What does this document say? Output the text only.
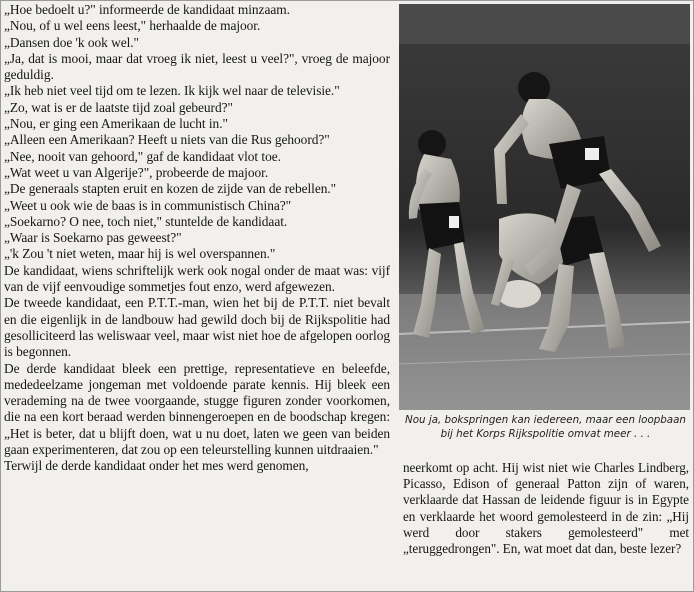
„Hoe bedoelt u?" informeerde de kandidaat minzaam.

„Nou, of u wel eens leest," herhaalde de majoor.

„Dansen doe 'k ook wel."

„Ja, dat is mooi, maar dat vroeg ik niet, leest u veel?", vroeg de majoor geduldig.

„Ik heb niet veel tijd om te lezen. Ik kijk wel naar de televisie."

„Zo, wat is er de laatste tijd zoal gebeurd?"

„Nou, er ging een Amerikaan de lucht in."

„Alleen een Amerikaan? Heeft u niets van die Rus gehoord?"

„Nee, nooit van gehoord," gaf de kandidaat vlot toe.

„Wat weet u van Algerije?", probeerde de majoor.

„De generaals stapten eruit en kozen de zijde van de rebellen."

„Weet u ook wie de baas is in communistisch China?"

„Soekarno? O nee, toch niet," stuntelde de kandidaat.

„Waar is Soekarno pas geweest?"

„'k Zou 't niet weten, maar hij is wel overspannen."

De kandidaat, wiens schriftelijk werk ook nogal onder de maat was: vijf van de vijf eenvoudige sommetjes fout enzo, werd afgewezen.

De tweede kandidaat, een P.T.T.-man, wien het bij de P.T.T. niet bevalt en die eigenlijk in de landbouw had gewild doch bij de Rijkspolitie had gesolliciteerd las weliswaar veel, maar wist niet hoe de afgelopen oorlog is begonnen.

De derde kandidaat bleek een prettige, representatieve en beleefde, mededeelzame jongeman met voldoende parate kennis. Hij bleek een verademing na de twee voorgaande, stugge figuren zonder voorkomen, die na een kort beraad werden binnengeroepen en de boodschap kregen: „Het is beter, dat u blijft doen, wat u nu doet, laten we geen van beiden gaan experimenteren, dat zou op een teleurstelling kunnen uitdraaien."

Terwijl de derde kandidaat onder het mes werd genomen,

Nou ja, bokspringen kan iedereen, maar een loopbaan bij het Korps Rijkspolitie omvat meer . . .

neerkomt op acht. Hij wist niet wie Charles Lindberg, Picasso, Edison of generaal Patton zijn of waren, verklaarde dat Hassan de leidende figuur is in Egypte en verklaarde het woord gemolesteerd in de zin: „Hij werd door stakers gemolesteerd" met „teruggedrongen". En, wat moet dat dan, beste lezer?
